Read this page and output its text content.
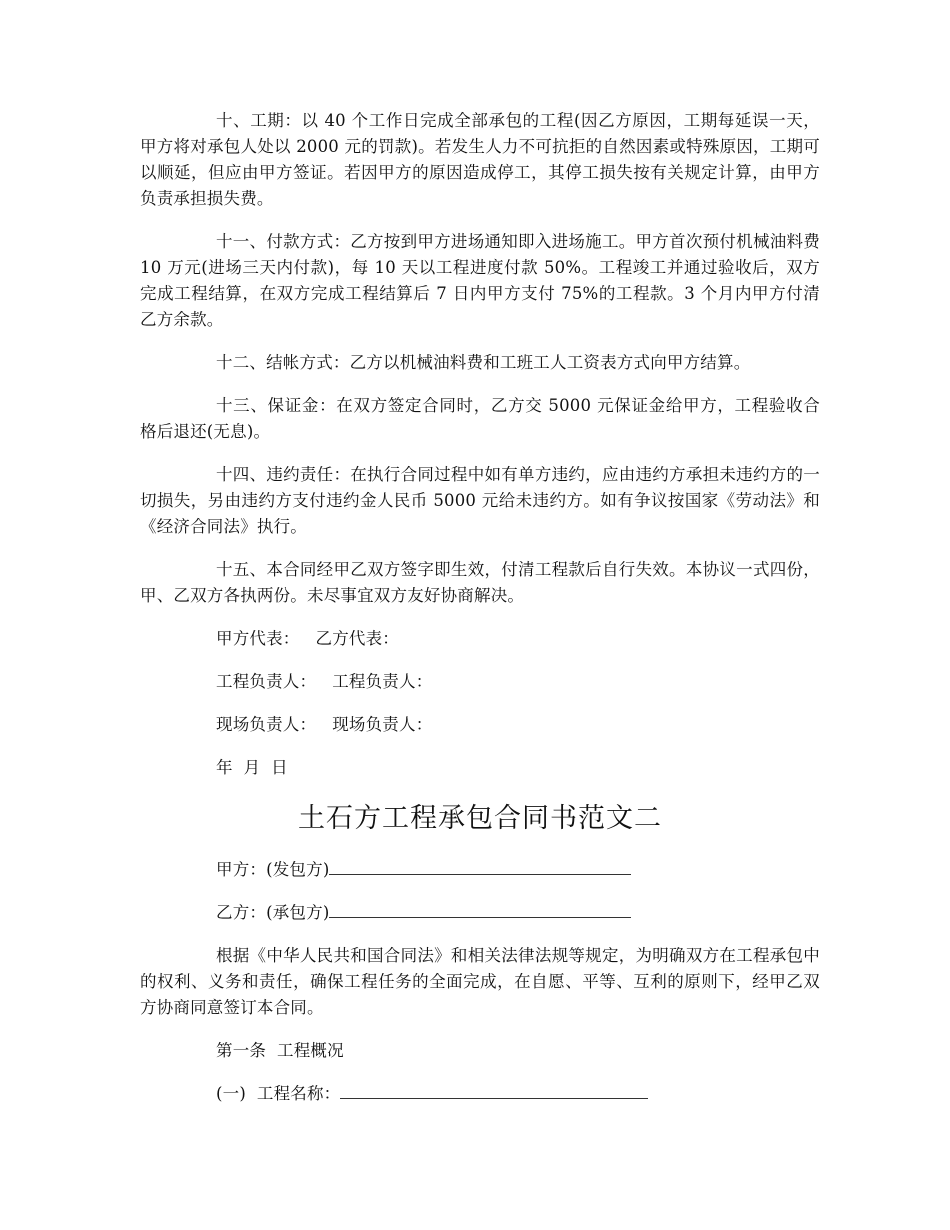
十、工期：以 40 个工作日完成全部承包的工程(因乙方原因，工期每延误一天，甲方将对承包人处以 2000 元的罚款)。若发生人力不可抗拒的自然因素或特殊原因，工期可以顺延，但应由甲方签证。若因甲方的原因造成停工，其停工损失按有关规定计算，由甲方负责承担损失费。

十一、付款方式：乙方按到甲方进场通知即入进场施工。甲方首次预付机械油料费 10 万元(进场三天内付款)，每 10 天以工程进度付款 50%。工程竣工并通过验收后，双方完成工程结算，在双方完成工程结算后 7 日内甲方支付 75%的工程款。3 个月内甲方付清乙方余款。

十二、结帐方式：乙方以机械油料费和工班工人工资表方式向甲方结算。

十三、保证金：在双方签定合同时，乙方交 5000 元保证金给甲方，工程验收合格后退还(无息)。

十四、违约责任：在执行合同过程中如有单方违约，应由违约方承担未违约方的一切损失，另由违约方支付违约金人民币 5000 元给未违约方。如有争议按国家《劳动法》和《经济合同法》执行。

十五、本合同经甲乙双方签字即生效，付清工程款后自行失效。本协议一式四份，甲、乙双方各执两份。未尽事宜双方友好协商解决。

甲方代表： 乙方代表：

工程负责人： 工程负责人：

现场负责人： 现场负责人：

年  月  日

土石方工程承包合同书范文二

甲方：(发包方)

乙方：(承包方)

根据《中华人民共和国合同法》和相关法律法规等规定，为明确双方在工程承包中的权利、义务和责任，确保工程任务的全面完成，在自愿、平等、互利的原则下，经甲乙双方协商同意签订本合同。

第一条  工程概况

(一)  工程名称：
